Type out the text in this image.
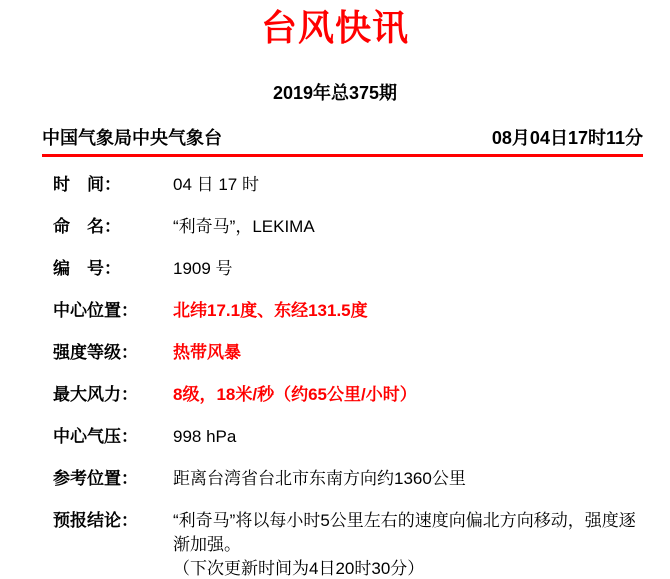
台风快讯
2019年总375期
中国气象局中央气象台	08月04日17时11分
时　间：	04 日 17 时
命　名：	“利奇马”，LEKIMA
编　号：	1909 号
中心位置：	北纬17.1度、东经131.5度
强度等级：	热带风暴
最大风力：	8级，18米/秒（约65公里/小时）
中心气压：	998 hPa
参考位置：	距离台湾省台北市东南方向约1360公里
预报结论：	“利奇马”将以每小时5公里左右的速度向偏北方向移动，强度逐渐加强。
（下次更新时间为4日20时30分）
